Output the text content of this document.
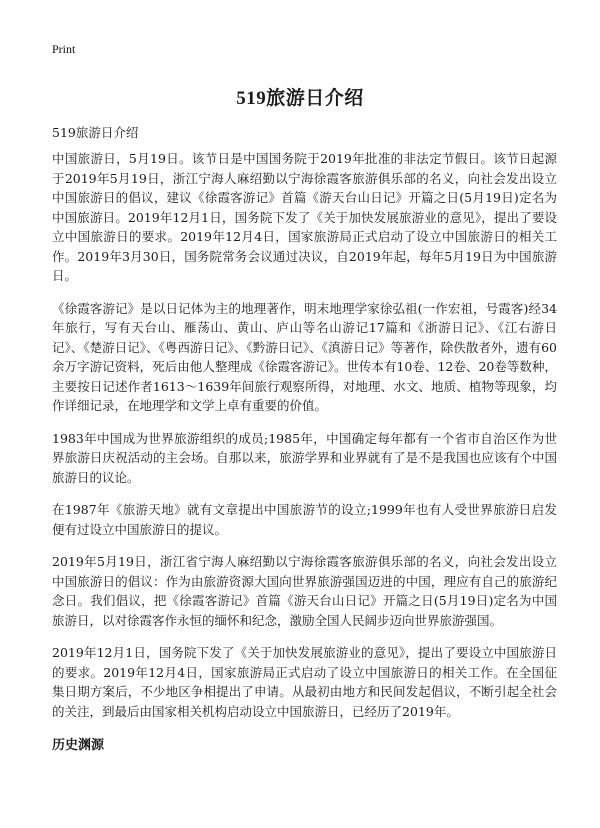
Print
519旅游日介绍
519旅游日介绍

中国旅游日，5月19日。该节日是中国国务院于2019年批准的非法定节假日。该节日起源于2019年5月19日，浙江宁海人麻绍勤以宁海徐霞客旅游俱乐部的名义，向社会发出设立中国旅游日的倡议，建议《徐霞客游记》首篇《游天台山日记》开篇之日(5月19日)定名为中国旅游日。2019年12月1日，国务院下发了《关于加快发展旅游业的意见》，提出了要设立中国旅游日的要求。2019年12月4日，国家旅游局正式启动了设立中国旅游日的相关工作。2019年3月30日，国务院常务会议通过决议，自2019年起，每年5月19日为中国旅游日。

《徐霞客游记》是以日记体为主的地理著作，明末地理学家徐弘祖(一作宏祖，号霞客)经34年旅行，写有天台山、雁荡山、黄山、庐山等名山游记17篇和《浙游日记》、《江右游日记》、《楚游日记》、《粤西游日记》、《黔游日记》、《滇游日记》等著作，除佚散者外，遗有60余万字游记资料，死后由他人整理成《徐霞客游记》。世传本有10卷、12卷、20卷等数种，主要按日记述作者1613～1639年间旅行观察所得，对地理、水文、地质、植物等现象，均作详细记录，在地理学和文学上卓有重要的价值。

1983年中国成为世界旅游组织的成员;1985年，中国确定每年都有一个省市自治区作为世界旅游日庆祝活动的主会场。自那以来，旅游学界和业界就有了是不是我国也应该有个中国旅游日的议论。

在1987年《旅游天地》就有文章提出中国旅游节的设立;1999年也有人受世界旅游日启发便有过设立中国旅游日的提议。

2019年5月19日，浙江省宁海人麻绍勤以宁海徐霞客旅游俱乐部的名义，向社会发出设立中国旅游日的倡议：作为由旅游资源大国向世界旅游强国迈进的中国，理应有自己的旅游纪念日。我们倡议，把《徐霞客游记》首篇《游天台山日记》开篇之日(5月19日)定名为中国旅游日，以对徐霞客作永恒的缅怀和纪念，激励全国人民阔步迈向世界旅游强国。

2019年12月1日，国务院下发了《关于加快发展旅游业的意见》，提出了要设立中国旅游日的要求。2019年12月4日，国家旅游局正式启动了设立中国旅游日的相关工作。在全国征集日期方案后，不少地区争相提出了申请。从最初由地方和民间发起倡议，不断引起全社会的关注，到最后由国家相关机构启动设立中国旅游日，已经历了2019年。

历史渊源
